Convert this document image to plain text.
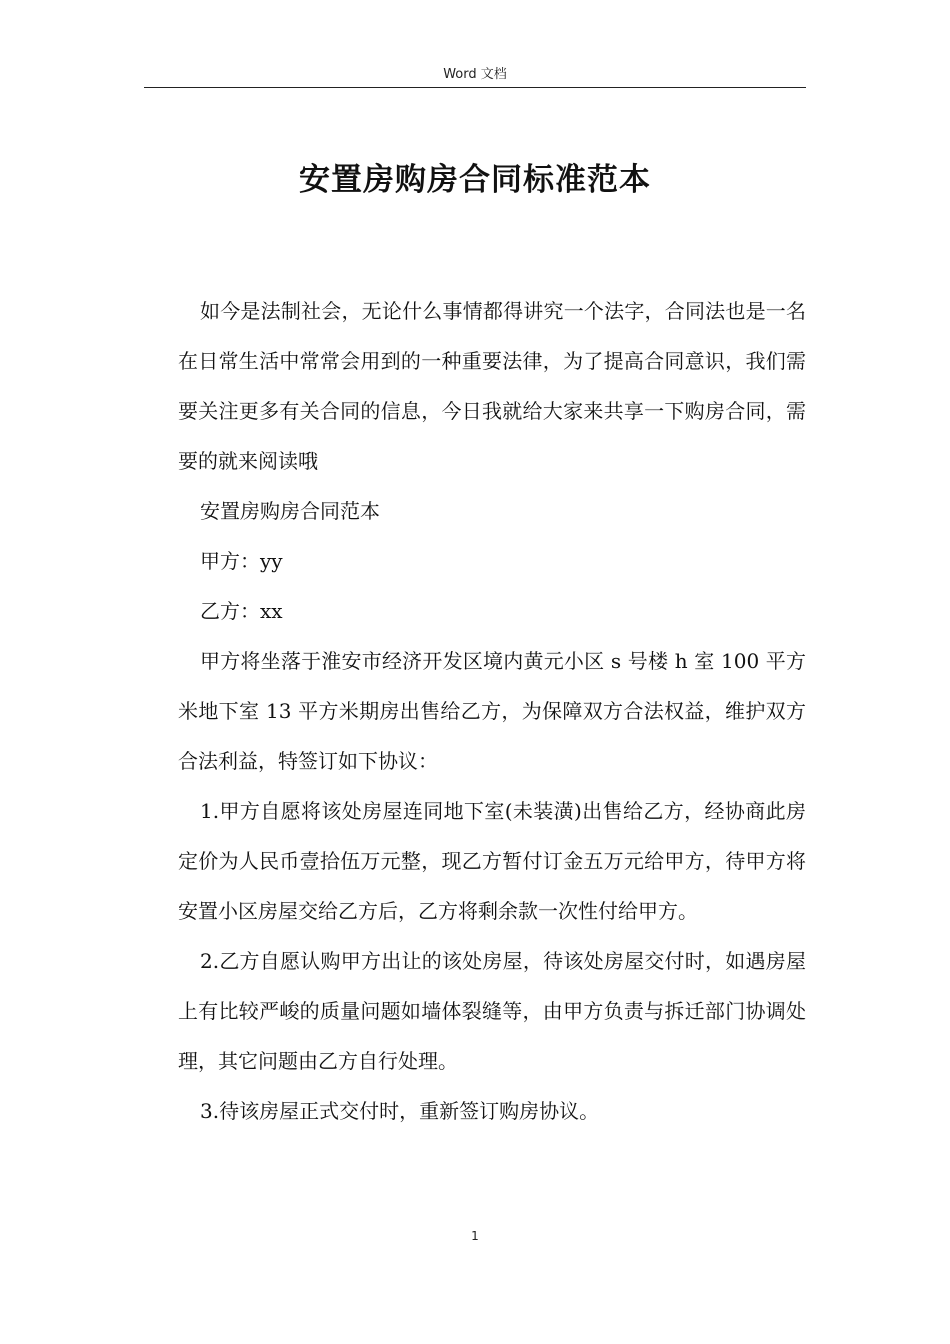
Word 文档
安置房购房合同标准范本

如今是法制社会，无论什么事情都得讲究一个法字，合同法也是一名在日常生活中常常会用到的一种重要法律，为了提高合同意识，我们需要关注更多有关合同的信息，今日我就给大家来共享一下购房合同，需要的就来阅读哦

安置房购房合同范本

甲方：yy

乙方：xx

甲方将坐落于淮安市经济开发区境内黄元小区 s 号楼 h 室 100 平方米地下室 13 平方米期房出售给乙方，为保障双方合法权益，维护双方合法利益，特签订如下协议：

1.甲方自愿将该处房屋连同地下室(未装潢)出售给乙方，经协商此房定价为人民币壹拾伍万元整，现乙方暂付订金五万元给甲方，待甲方将安置小区房屋交给乙方后，乙方将剩余款一次性付给甲方。

2.乙方自愿认购甲方出让的该处房屋，待该处房屋交付时，如遇房屋上有比较严峻的质量问题如墙体裂缝等，由甲方负责与拆迁部门协调处理，其它问题由乙方自行处理。

3.待该房屋正式交付时，重新签订购房协议。

1
